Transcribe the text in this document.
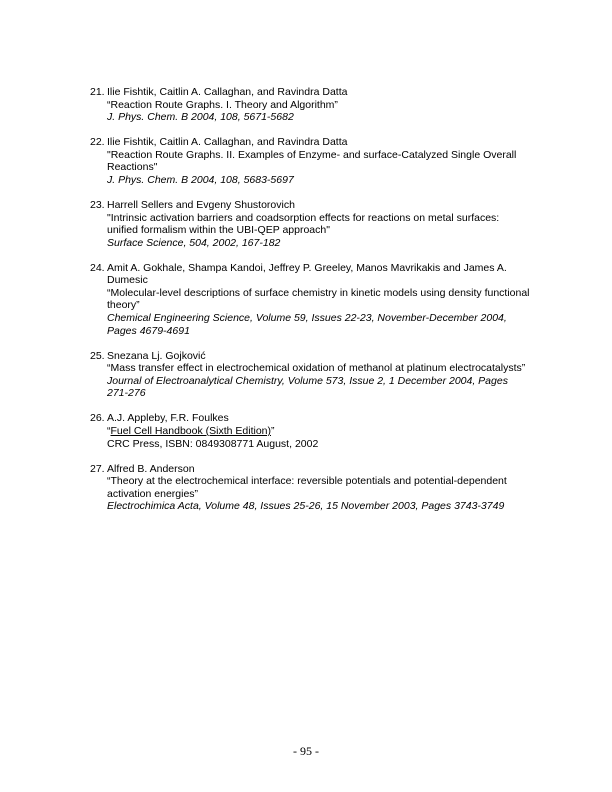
21. Ilie Fishtik, Caitlin A. Callaghan, and Ravindra Datta
“Reaction Route Graphs. I. Theory and Algorithm”
J. Phys. Chem. B 2004, 108, 5671-5682
22. Ilie Fishtik, Caitlin A. Callaghan, and Ravindra Datta
"Reaction Route Graphs. II. Examples of Enzyme- and surface-Catalyzed Single Overall Reactions"
J. Phys. Chem. B 2004, 108, 5683-5697
23. Harrell Sellers and Evgeny Shustorovich
"Intrinsic activation barriers and coadsorption effects for reactions on metal surfaces: unified formalism within the UBI-QEP approach"
Surface Science, 504, 2002, 167-182
24. Amit A. Gokhale, Shampa Kandoi, Jeffrey P. Greeley, Manos Mavrikakis and James A. Dumesic
“Molecular-level descriptions of surface chemistry in kinetic models using density functional theory”
Chemical Engineering Science, Volume 59, Issues 22-23, November-December 2004, Pages 4679-4691
25. Snezana Lj. Gojković
“Mass transfer effect in electrochemical oxidation of methanol at platinum electrocatalysts”
Journal of Electroanalytical Chemistry, Volume 573, Issue 2, 1 December 2004, Pages 271-276
26. A.J. Appleby, F.R. Foulkes
“Fuel Cell Handbook (Sixth Edition)”
CRC Press, ISBN: 0849308771 August, 2002
27. Alfred B. Anderson
“Theory at the electrochemical interface: reversible potentials and potential-dependent activation energies”
Electrochimica Acta, Volume 48, Issues 25-26, 15 November 2003, Pages 3743-3749
- 95 -
